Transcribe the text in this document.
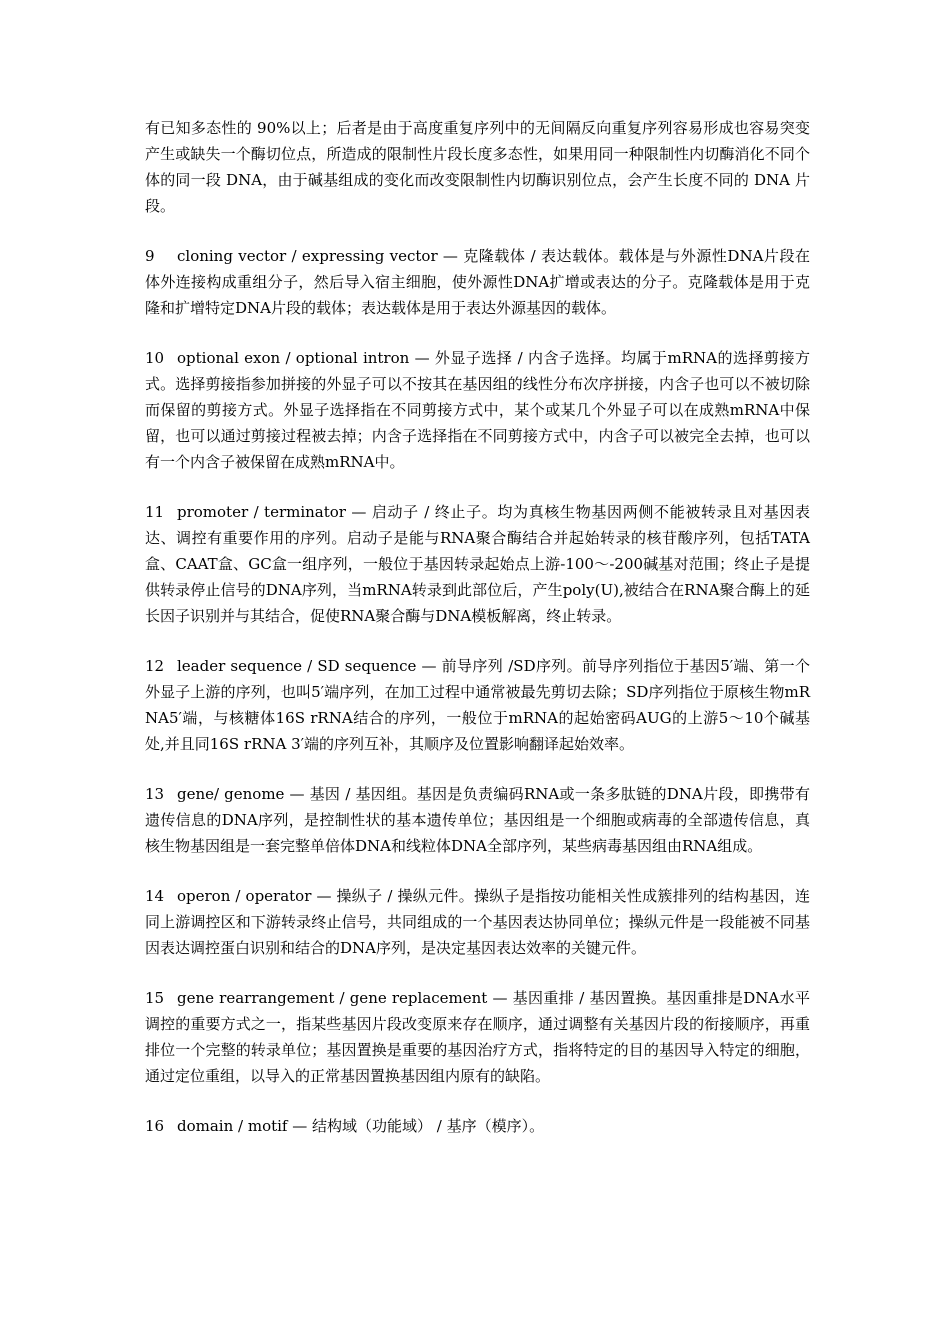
有已知多态性的 90%以上；后者是由于高度重复序列中的无间隔反向重复序列容易形成也容易突变产生或缺失一个酶切位点，所造成的限制性片段长度多态性，如果用同一种限制性内切酶消化不同个体的同一段 DNA，由于碱基组成的变化而改变限制性内切酶识别位点，会产生长度不同的 DNA 片段。

9 cloning vector / expressing vector — 克隆载体 / 表达载体。载体是与外源性DNA片段在体外连接构成重组分子，然后导入宿主细胞，使外源性DNA扩增或表达的分子。克隆载体是用于克隆和扩增特定DNA片段的载体；表达载体是用于表达外源基因的载体。

10 optional exon / optional intron — 外显子选择 / 内含子选择。均属于mRNA的选择剪接方式。选择剪接指参加拼接的外显子可以不按其在基因组的线性分布次序拼接，内含子也可以不被切除而保留的剪接方式。外显子选择指在不同剪接方式中，某个或某几个外显子可以在成熟mRNA中保留，也可以通过剪接过程被去掉；内含子选择指在不同剪接方式中，内含子可以被完全去掉，也可以有一个内含子被保留在成熟mRNA中。

11 promoter / terminator — 启动子 / 终止子。均为真核生物基因两侧不能被转录且对基因表达、调控有重要作用的序列。启动子是能与RNA聚合酶结合并起始转录的核苷酸序列，包括TATA盒、CAAT盒、GC盒一组序列，一般位于基因转录起始点上游-100～-200碱基对范围；终止子是提供转录停止信号的DNA序列，当mRNA转录到此部位后，产生poly(U),被结合在RNA聚合酶上的延长因子识别并与其结合，促使RNA聚合酶与DNA模板解离，终止转录。

12 leader sequence / SD sequence — 前导序列 /SD序列。前导序列指位于基因5′端、第一个外显子上游的序列，也叫5′端序列，在加工过程中通常被最先剪切去除；SD序列指位于原核生物mRNA5′端，与核糖体16S rRNA结合的序列，一般位于mRNA的起始密码AUG的上游5～10个碱基处,并且同16S rRNA 3′端的序列互补，其顺序及位置影响翻译起始效率。

13 gene/ genome — 基因 / 基因组。基因是负责编码RNA或一条多肽链的DNA片段，即携带有遗传信息的DNA序列，是控制性状的基本遗传单位；基因组是一个细胞或病毒的全部遗传信息，真核生物基因组是一套完整单倍体DNA和线粒体DNA全部序列，某些病毒基因组由RNA组成。

14 operon / operator — 操纵子 / 操纵元件。操纵子是指按功能相关性成簇排列的结构基因，连同上游调控区和下游转录终止信号，共同组成的一个基因表达协同单位；操纵元件是一段能被不同基因表达调控蛋白识别和结合的DNA序列，是决定基因表达效率的关键元件。

15 gene rearrangement / gene replacement — 基因重排 / 基因置换。基因重排是DNA水平调控的重要方式之一，指某些基因片段改变原来存在顺序，通过调整有关基因片段的衔接顺序，再重排位一个完整的转录单位；基因置换是重要的基因治疗方式，指将特定的目的基因导入特定的细胞，通过定位重组，以导入的正常基因置换基因组内原有的缺陷。

16 domain / motif — 结构域（功能域） / 基序（模序）。
